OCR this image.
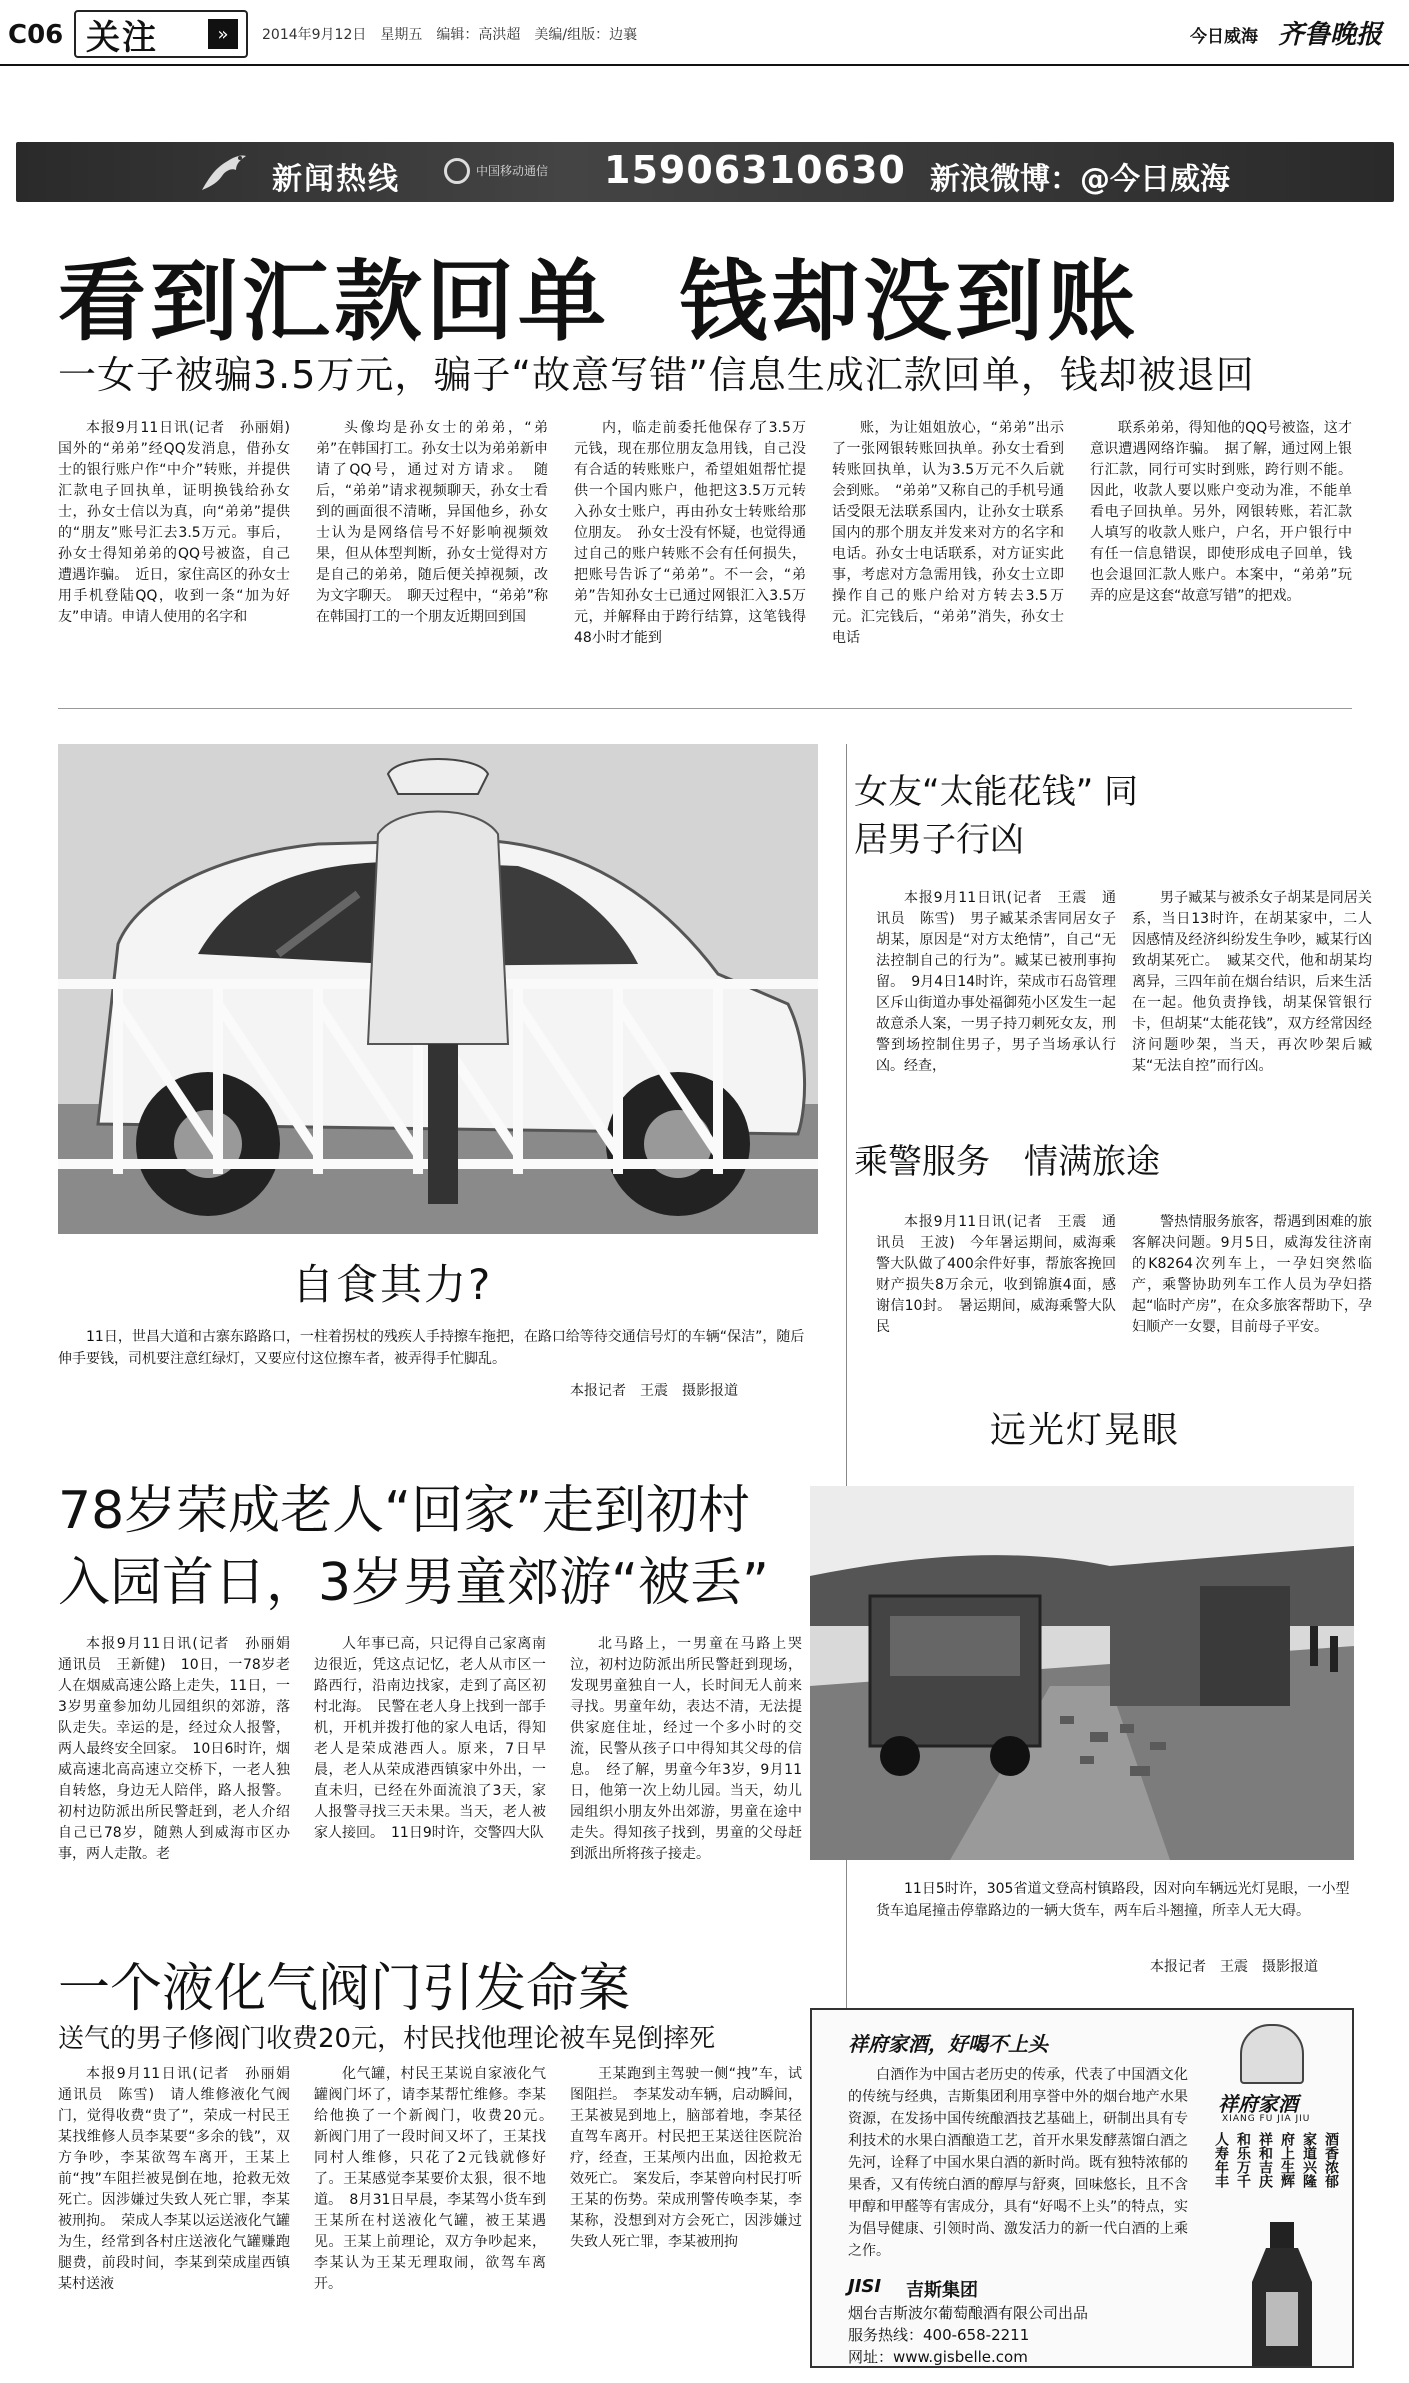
C06 关注	»	2014年9月12日　星期五　编辑：高洪超　美编/组版：边襄	今日威海 齐鲁晚报
新闻热线	中国移动通信 15906310630 新浪微博：@今日威海
看到汇款回单  钱却没到账
一女子被骗3.5万元，骗子“故意写错”信息生成汇款回单，钱却被退回

本报9月11日讯(记者　孙丽娟)　国外的“弟弟”经QQ发消息，借孙女士的银行账户作“中介”转账，并提供汇款电子回执单，证明换钱给孙女士，孙女士信以为真，向“弟弟”提供的“朋友”账号汇去3.5万元。事后，孙女士得知弟弟的QQ号被盗，自己遭遇诈骗。　近日，家住高区的孙女士用手机登陆QQ，收到一条“加为好友”申请。申请人使用的名字和

头像均是孙女士的弟弟，“弟弟”在韩国打工。孙女士以为弟弟新申请了QQ号，通过对方请求。　随后，“弟弟”请求视频聊天，孙女士看到的画面很不清晰，异国他乡，孙女士认为是网络信号不好影响视频效果，但从体型判断，孙女士觉得对方是自己的弟弟，随后便关掉视频，改为文字聊天。　聊天过程中，“弟弟”称在韩国打工的一个朋友近期回到国

内，临走前委托他保存了3.5万元钱，现在那位朋友急用钱，自己没有合适的转账账户，希望姐姐帮忙提供一个国内账户，他把这3.5万元转入孙女士账户，再由孙女士转账给那位朋友。　孙女士没有怀疑，也觉得通过自己的账户转账不会有任何损失，把账号告诉了“弟弟”。不一会，“弟弟”告知孙女士已通过网银汇入3.5万元，并解释由于跨行结算，这笔钱得48小时才能到

账，为让姐姐放心，“弟弟”出示了一张网银转账回执单。孙女士看到转账回执单，认为3.5万元不久后就会到账。　“弟弟”又称自己的手机号通话受限无法联系国内，让孙女士联系国内的那个朋友并发来对方的名字和电话。孙女士电话联系，对方证实此事，考虑对方急需用钱，孙女士立即操作自己的账户给对方转去3.5万元。汇完钱后，“弟弟”消失，孙女士电话

联系弟弟，得知他的QQ号被盗，这才意识遭遇网络诈骗。　据了解，通过网上银行汇款，同行可实时到账，跨行则不能。因此，收款人要以账户变动为准，不能单看电子回执单。另外，网银转账，若汇款人填写的收款人账户，户名，开户银行中有任一信息错误，即使形成电子回单，钱也会退回汇款人账户。本案中，“弟弟”玩弄的应是这套“故意写错”的把戏。

自食其力?
11日，世昌大道和古寨东路路口，一柱着拐杖的残疾人手持擦车拖把，在路口给等待交通信号灯的车辆“保洁”，随后伸手要钱，司机要注意红绿灯，又要应付这位擦车者，被弄得手忙脚乱。
本报记者　王震　摄影报道
女友“太能花钱” 同居男子行凶

本报9月11日讯(记者　王震　通讯员　陈雪)　男子臧某杀害同居女子胡某，原因是“对方太绝情”，自己“无法控制自己的行为”。臧某已被刑事拘留。　9月4日14时许，荣成市石岛管理区斥山街道办事处福御苑小区发生一起故意杀人案，一男子持刀刺死女友，刑警到场控制住男子，男子当场承认行凶。经查，

男子臧某与被杀女子胡某是同居关系，当日13时许，在胡某家中，二人因感情及经济纠纷发生争吵，臧某行凶致胡某死亡。　臧某交代，他和胡某均离异，三四年前在烟台结识，后来生活在一起。他负责挣钱，胡某保管银行卡，但胡某“太能花钱”，双方经常因经济问题吵架，当天，再次吵架后臧某“无法自控”而行凶。

乘警服务　情满旅途

本报9月11日讯(记者　王震　通讯员　王波)　今年暑运期间，威海乘警大队做了400余件好事，帮旅客挽回财产损失8万余元，收到锦旗4面，感谢信10封。　暑运期间，威海乘警大队民

警热情服务旅客，帮遇到困难的旅客解决问题。9月5日，威海发往济南的K8264次列车上，一孕妇突然临产，乘警协助列车工作人员为孕妇搭起“临时产房”，在众多旅客帮助下，孕妇顺产一女婴，目前母子平安。

远光灯晃眼
11日5时许，305省道文登高村镇路段，因对向车辆远光灯晃眼，一小型货车追尾撞击停靠路边的一辆大货车，两车后斗翘撞，所幸人无大碍。
本报记者　王震　摄影报道
78岁荣成老人“回家”走到初村
入园首日，3岁男童郊游“被丢”

本报9月11日讯(记者　孙丽娟　通讯员　王新健)　10日，一78岁老人在烟威高速公路上走失，11日，一3岁男童参加幼儿园组织的郊游，落队走失。幸运的是，经过众人报警，两人最终安全回家。　10日6时许，烟威高速北高高速立交桥下，一老人独自转悠，身边无人陪伴，路人报警。初村边防派出所民警赶到，老人介绍自己已78岁，随熟人到威海市区办事，两人走散。老

人年事已高，只记得自己家离南边很近，凭这点记忆，老人从市区一路西行，沿南边找家，走到了高区初村北海。　民警在老人身上找到一部手机，开机并拨打他的家人电话，得知老人是荣成港西人。原来，7日早晨，老人从荣成港西镇家中外出，一直未归，已经在外面流浪了3天，家人报警寻找三天未果。当天，老人被家人接回。　11日9时许，交警四大队

北马路上，一男童在马路上哭泣，初村边防派出所民警赶到现场，发现男童独自一人，长时间无人前来寻找。男童年幼，表达不清，无法提供家庭住址，经过一个多小时的交流，民警从孩子口中得知其父母的信息。　经了解，男童今年3岁，9月11日，他第一次上幼儿园。当天，幼儿园组织小朋友外出郊游，男童在途中走失。得知孩子找到，男童的父母赶到派出所将孩子接走。

一个液化气阀门引发命案
送气的男子修阀门收费20元，村民找他理论被车晃倒摔死

本报9月11日讯(记者　孙丽娟　通讯员　陈雪)　请人维修液化气阀门，觉得收费“贵了”，荣成一村民王某找维修人员李某要“多余的钱”，双方争吵，李某欲驾车离开，王某上前“拽”车阻拦被晃倒在地，抢救无效死亡。因涉嫌过失致人死亡罪，李某被刑拘。　荣成人李某以运送液化气罐为生，经常到各村庄送液化气罐赚跑腿费，前段时间，李某到荣成崖西镇某村送液

化气罐，村民王某说自家液化气罐阀门坏了，请李某帮忙维修。李某给他换了一个新阀门，收费20元。　新阀门用了一段时间又坏了，王某找同村人维修，只花了2元钱就修好了。王某感觉李某要价太狠，很不地道。　8月31日早晨，李某驾小货车到王某所在村送液化气罐，被王某遇见。王某上前理论，双方争吵起来，李某认为王某无理取闹，欲驾车离开。

王某跑到主驾驶一侧“拽”车，试图阻拦。　李某发动车辆，启动瞬间，王某被晃到地上，脑部着地，李某径直驾车离开。村民把王某送往医院治疗，经查，王某颅内出血，因抢救无效死亡。　案发后，李某曾向村民打听王某的伤势。荣成刑警传唤李某，李某称，没想到对方会死亡，因涉嫌过失致人死亡罪，李某被刑拘

祥府家酒，好喝不上头
白酒作为中国古老历史的传承，代表了中国酒文化的传统与经典，吉斯集团利用享誉中外的烟台地产水果资源，在发扬中国传统酿酒技艺基础上，研制出具有专利技术的水果白酒酿造工艺，首开水果发酵蒸馏白酒之先河，诠释了中国水果白酒的新时尚。既有独特浓郁的果香，又有传统白酒的醇厚与舒爽，回味悠长，且不含甲醇和甲醛等有害成分，具有“好喝不上头”的特点，实为倡导健康、引领时尚、激发活力的新一代白酒的上乘之作。
祥府家酒
XIANG FU JIA JIU
酒香浓郁
家道兴隆
府上生辉
祥和吉庆
和乐万千
人寿年丰
JISI 吉斯集团
烟台吉斯波尔葡萄酿酒有限公司出品
服务热线：400-658-2211
网址：www.gisbelle.com
